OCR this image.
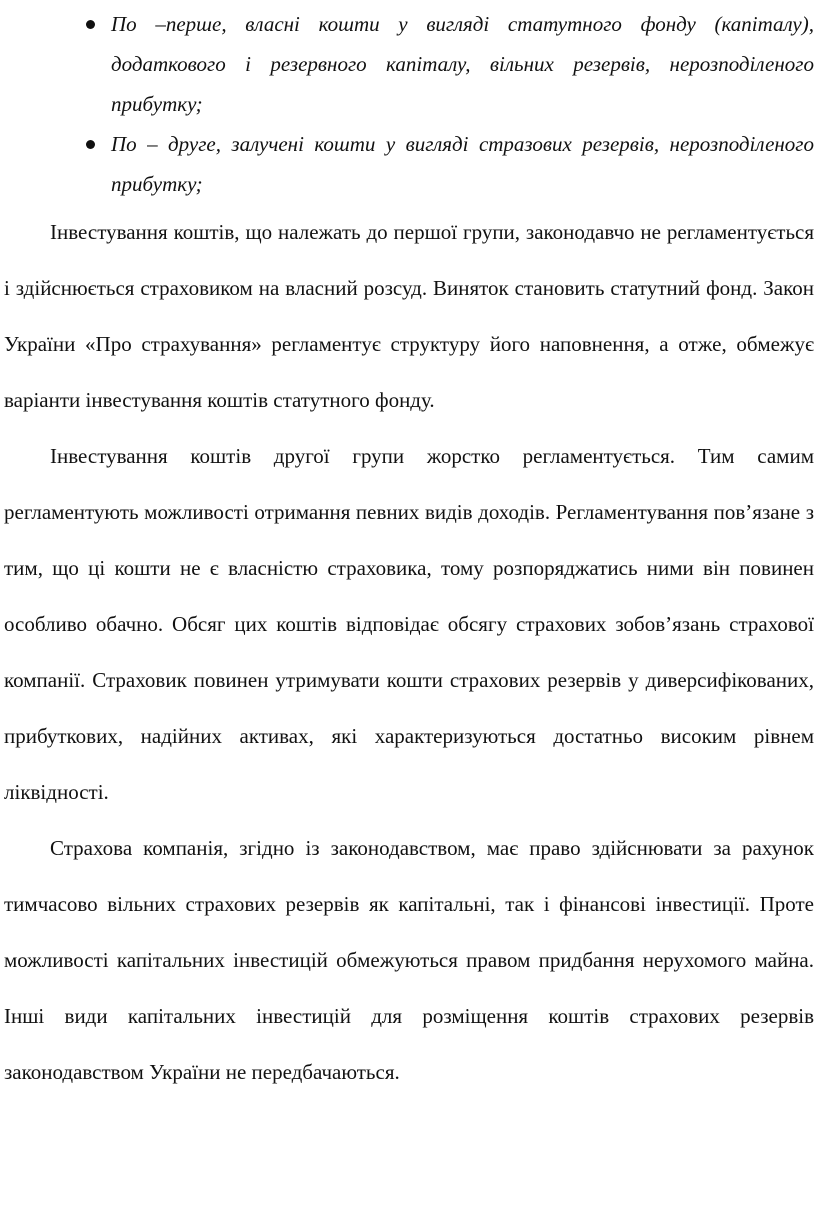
По –перше, власні кошти у вигляді статутного фонду (капіталу), додаткового і резервного капіталу, вільних резервів, нерозподіленого прибутку;
По – друге, залучені кошти у вигляді стразових резервів, нерозподіленого прибутку;

Інвестування коштів, що належать до першої групи, законодавчо не регламентується і здійснюється страховиком на власний розсуд. Виняток становить статутний фонд. Закон України «Про страхування» регламентує структуру його наповнення, а отже, обмежує варіанти інвестування коштів статутного фонду.

Інвестування коштів другої групи жорстко регламентується. Тим самим регламентують можливості отримання певних видів доходів. Регламентування пов’язане з тим, що ці кошти не є власністю страховика, тому розпоряджатись ними він повинен особливо обачно. Обсяг цих коштів відповідає обсягу страхових зобов’язань страхової компанії. Страховик повинен утримувати кошти страхових резервів у диверсифікованих, прибуткових, надійних активах, які характеризуються достатньо високим рівнем ліквідності.

Страхова компанія, згідно із законодавством, має право здійснювати за рахунок тимчасово вільних страхових резервів як капітальні, так і фінансові інвестиції. Проте можливості капітальних інвестицій обмежуються правом придбання нерухомого майна. Інші види капітальних інвестицій для розміщення коштів страхових резервів законодавством України не передбачаються.
